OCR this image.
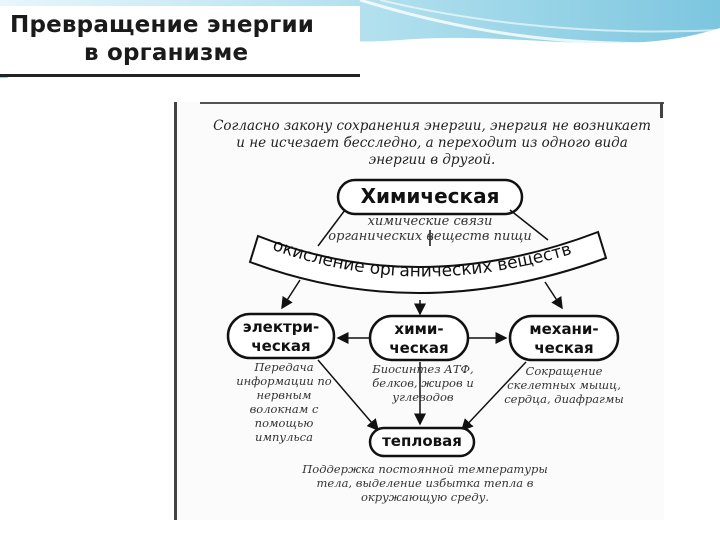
Превращение энергии
в организме
Согласно закону сохранения энергии, энергия не возникает и не исчезает бесследно, а переходит из одного вида энергии в другой.
окисление органических веществ
Химическая
химические связи органических веществ пищи
электри-
ческая
Передача информации по нервным волокнам с помощью импульса
хими-
ческая
Биосинтез АТФ, белков, жиров и углеводов
механи-
ческая
Сокращение скелетных мышц, сердца, диафрагмы
тепловая
Поддержка постоянной температуры тела, выделение избытка тепла в окружающую среду.
